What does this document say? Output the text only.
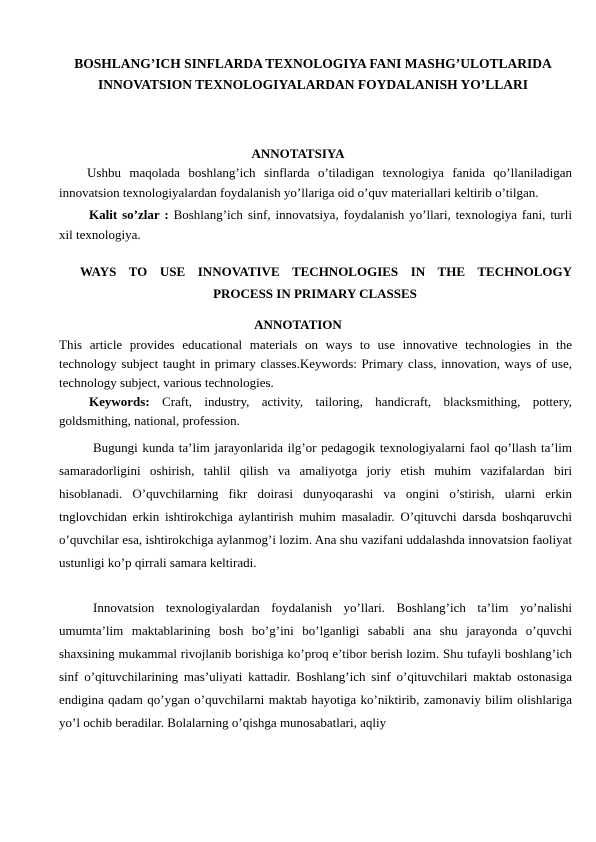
BOSHLANG’ICH SINFLARDA TEXNOLOGIYA FANI MASHG’ULOTLARIDA INNOVATSION TEXNOLOGIYALARDAN FOYDALANISH YO’LLARI
ANNOTATSIYA

Ushbu maqolada boshlang’ich sinflarda o’tiladigan texnologiya fanida qo’llaniladigan innovatsion texnologiyalardan foydalanish yo’llariga oid o’quv materiallari keltirib o’tilgan.

Kalit so’zlar : Boshlang’ich sinf, innovatsiya, foydalanish yo’llari, texnologiya fani, turli xil texnologiya.

WAYS TO USE INNOVATIVE TECHNOLOGIES IN THE TECHNOLOGY
PROCESS IN PRIMARY CLASSES
ANNOTATION

This article provides educational materials on ways to use innovative technologies in the technology subject taught in primary classes.Keywords: Primary class, innovation, ways of use, technology subject, various technologies.

Keywords: Craft, industry, activity, tailoring, handicraft, blacksmithing, pottery, goldsmithing, national, profession.

Bugungi kunda ta’lim jarayonlarida ilg’or pedagogik texnologiyalarni faol qo’llash ta’lim samaradorligini oshirish, tahlil qilish va amaliyotga joriy etish muhim vazifalardan biri hisoblanadi. O’quvchilarning fikr doirasi dunyoqarashi va ongini o’stirish, ularni erkin tnglovchidan erkin ishtirokchiga aylantirish muhim masaladir. O’qituvchi darsda boshqaruvchi o’quvchilar esa, ishtirokchiga aylanmog’i lozim. Ana shu vazifani uddalashda innovatsion faoliyat ustunligi ko’p qirrali samara keltiradi.

Innovatsion texnologiyalardan foydalanish yo’llari. Boshlang’ich ta’lim yo’nalishi umumta’lim maktablarining bosh bo’g’ini bo’lganligi sababli ana shu jarayonda o’quvchi shaxsining mukammal rivojlanib borishiga ko’proq e’tibor berish lozim. Shu tufayli boshlang’ich sinf o’qituvchilarining mas’uliyati kattadir. Boshlang’ich sinf o’qituvchilari maktab ostonasiga endigina qadam qo’ygan o’quvchilarni maktab hayotiga ko’niktirib, zamonaviy bilim olishlariga yo’l ochib beradilar. Bolalarning o’qishga munosabatlari, aqliy
